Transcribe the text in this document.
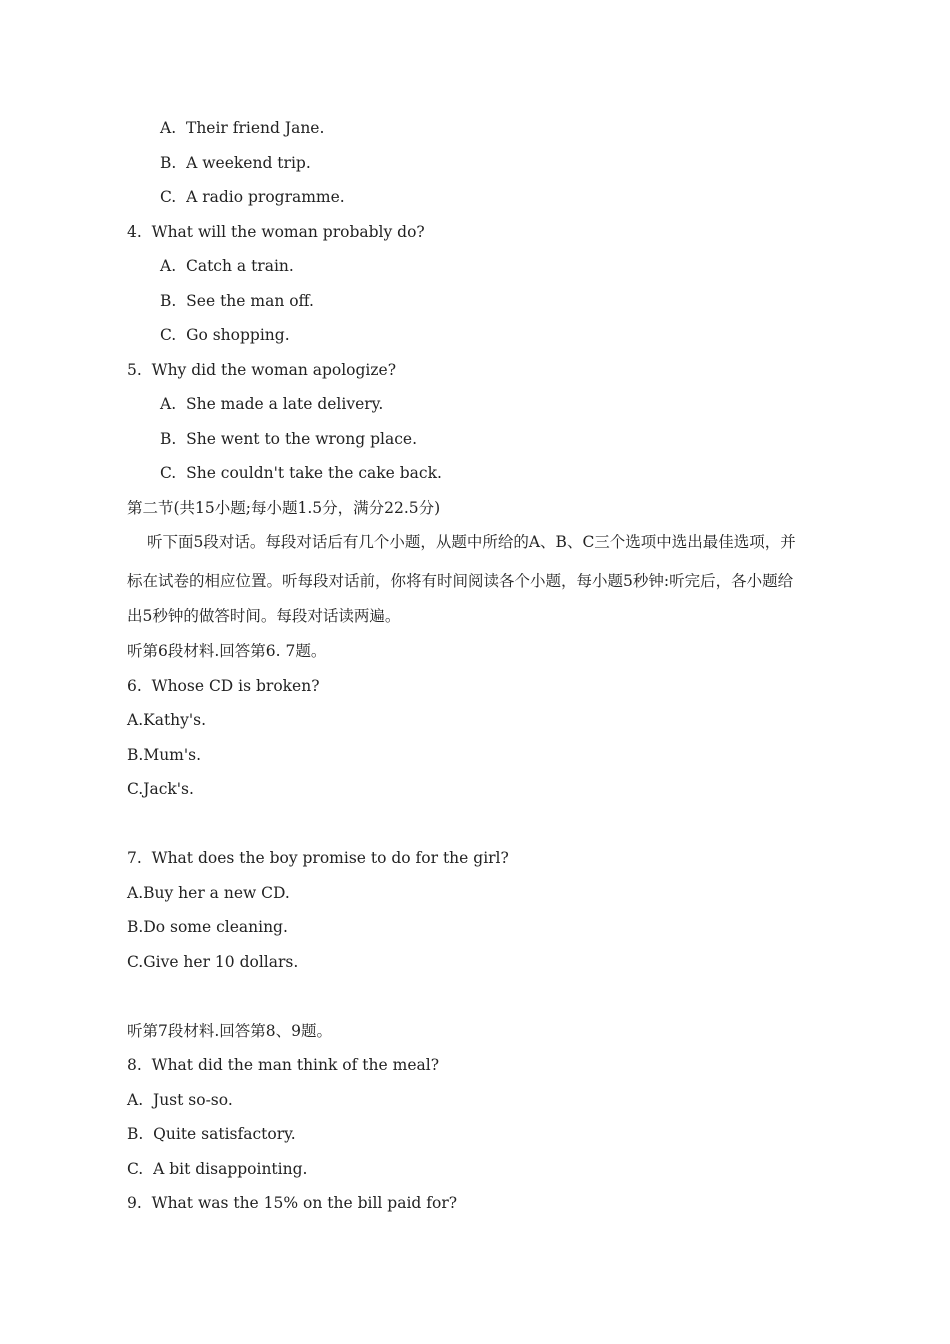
A.  Their friend Jane.

B.  A weekend trip.

C.  A radio programme.

4.  What will the woman probably do?

A.  Catch a train.

B.  See the man off.

C.  Go shopping.

5.  Why did the woman apologize?

A.  She made a late delivery.

B.  She went to the wrong place.

C.  She couldn't take the cake back.

第二节(共15小题;每小题1.5分，满分22.5分)

听下面5段对话。每段对话后有几个小题，从题中所给的A、B、C三个选项中选出最佳选项，并

标在试卷的相应位置。听每段对话前，你将有时间阅读各个小题，每小题5秒钟:听完后，各小题给

出5秒钟的做答时间。每段对话读两遍。

听第6段材料.回答第6. 7题。

6.  Whose CD is broken?

A.Kathy's.

B.Mum's.

C.Jack's.

7.  What does the boy promise to do for the girl?

A.Buy her a new CD.

B.Do some cleaning.

C.Give her 10 dollars.

听第7段材料.回答第8、9题。

8.  What did the man think of the meal?

A.  Just so-so.

B.  Quite satisfactory.

C.  A bit disappointing.

9.  What was the 15% on the bill paid for?
